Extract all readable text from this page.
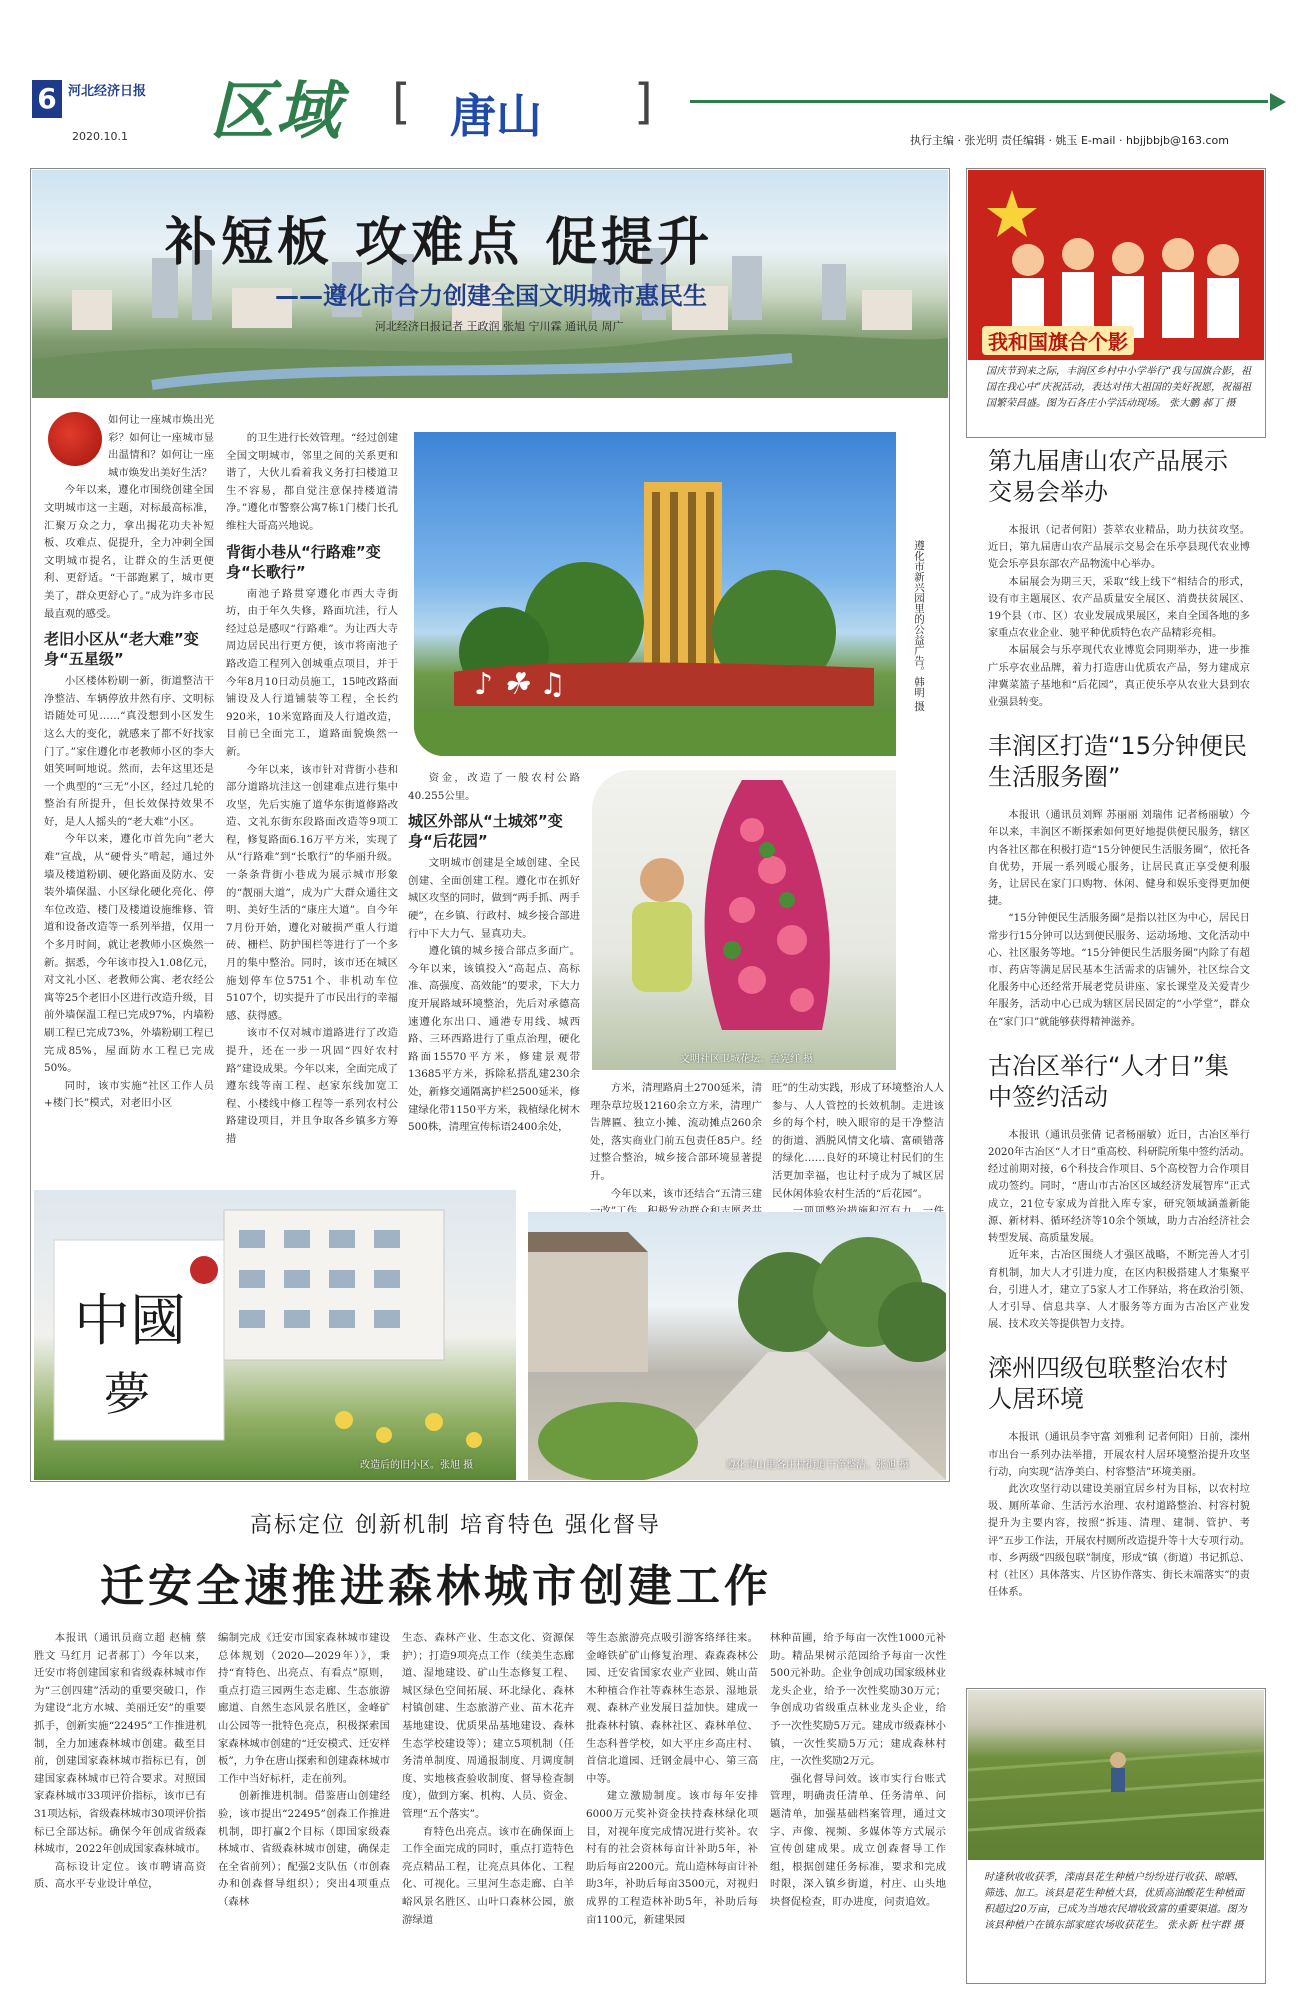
6 河北经济日报
2020.10.1 区域 [ 唐山 ]
执行主编 · 张光明 责任编辑 · 姚玉 E-mail · hbjjbbjb@163.com
补短板 攻难点 促提升
——遵化市合力创建全国文明城市惠民生
河北经济日报记者 王政润 张旭 宁川霖 通讯员 周广

如何让一座城市焕出光彩？如何让一座城市显出温情和？如何让一座城市焕发出美好生活？

今年以来，遵化市围绕创建全国文明城市这一主题，对标最高标准，汇聚万众之力，拿出揭花功夫补短板、攻难点、促提升，全力冲刺全国文明城市提名，让群众的生活更便利、更舒适。“干部跑累了，城市更美了，群众更舒心了。”成为许多市民最直观的感受。

老旧小区从“老大难”变身“五星级”

小区楼体粉刷一新，街道整洁干净整洁、车辆停放井然有序、文明标语随处可见……“真没想到小区发生这么大的变化，就感来了都不好找家门了。”家住遵化市老教师小区的李大姐笑呵呵地说。然而，去年这里还是一个典型的“三无”小区，经过几轮的整治有所提升，但长效保持效果不好，是人人摇头的“老大难”小区。

今年以来，遵化市首先向“老大难”宣战，从“硬骨头”啃起，通过外墙及楼道粉刷、硬化路面及防水、安装外墙保温、小区绿化硬化亮化、停车位改造、楼门及楼道设施维修、管道和设备改造等一系列举措，仅用一个多月时间，就让老教师小区焕然一新。据悉，今年该市投入1.08亿元，对文礼小区、老教师公寓、老农经公寓等25个老旧小区进行改造升级，目前外墙保温工程已完成97%，内墙粉刷工程已完成73%，外墙粉刷工程已完成85%，屋面防水工程已完成50%。

同时，该市实施“社区工作人员+楼门长”模式，对老旧小区

的卫生进行长效管理。“经过创建全国文明城市，邻里之间的关系更和谐了，大伙儿看着我义务打扫楼道卫生不容易，都自觉注意保持楼道清净。”遵化市警察公寓7栋1门楼门长孔维柱大哥高兴地说。

背街小巷从“行路难”变身“长歌行”

南池子路贯穿遵化市西大寺街坊，由于年久失修，路面坑洼，行人经过总是感叹“行路难”。为让西大寺周边居民出行更方便，该市将南池子路改造工程列入创城重点项目，并于今年8月10日动员施工，15吨改路面铺设及人行道铺装等工程，全长约920米，10米宽路面及人行道改造，目前已全面完工，道路面貌焕然一新。

今年以来，该市针对背街小巷和部分道路坑洼这一创建难点进行集中攻坚，先后实施了道华东街道修路改造、文礼东街东段路面改造等9项工程，修复路面6.16万平方米，实现了从“行路难”到“长歌行”的华丽升级。一条条背街小巷成为展示城市形象的“靓丽大道”，成为广大群众通往文明、美好生活的“康庄大道”。自今年7月份开始，遵化对破损严重人行道砖、栅栏、防护围栏等进行了一个多月的集中整治。同时，该市还在城区施划停车位5751个、非机动车位5107个，切实提升了市民出行的幸福感、获得感。

该市不仅对城市道路进行了改造提升，还在一步一巩固“四好农村路”建设成果。今年以来，全面完成了遵东线等南工程、赵家东线加宽工程、小楼线中修工程等一系列农村公路建设项目，并且争取各乡镇多方筹措

♪ ☘ ♫	遵化市新兴园里的公益广告。韩明 摄

资金，改造了一般农村公路40.255公里。

城区外部从“土城郊”变身“后花园”

文明城市创建是全域创建、全民创建、全面创建工程。遵化市在抓好城区攻坚的同时，做到“两手抓、两手硬”，在乡镇、行政村、城乡接合部进行中下大力气、显真功夫。

遵化镇的城乡接合部点多面广。今年以来，该镇投入“高起点、高标准、高强度、高效能”的要求，下大力度开展路域环境整治，先后对承德高速遵化东出口、通港专用线、城西路、三环西路进行了重点治理，硬化路面15570平方米，修建景观带13685平方米，拆除私搭乱建230余处，新修交通隔离护栏2500延米，修建绿化带1150平方米，栽植绿化树木500株，清理宣传标语2400余处，

文明社区卫城花坛。孟宪红 摄

方米，清理路肩土2700延米，清理杂草垃圾12160余立方米，清理广告牌匾、独立小摊、流动摊点260余处，落实商业门前五包责任85户。经过整合整治，城乡接合部环境显著提升。

今年以来，该市还结合“五清三建

旺”的生动实践，形成了环境整治人人参与、人人管控的长效机制。走进该乡的每个村，映入眼帘的是干净整洁的街道、洒脱风情文化墙、富硕错落的绿化……良好的环境让村民们的生活更加幸福，也让村子成为了城区居民休闲体验农村生活的“后花园”。

中國
夢
改造后的旧小区。张旭 摄	遵化市山里各庄村街道干净整洁。张旭 摄
我和国旗合个影
国庆节到来之际，丰润区乡村中小学举行“我与国旗合影，祖国在我心中”庆祝活动，表达对伟大祖国的美好祝愿，祝福祖国繁荣昌盛。图为石各庄小学活动现场。 张大鹏 郝丁 摄
第九届唐山农产品展示交易会举办

本报讯（记者何阳）荟萃农业精品，助力扶贫攻坚。近日，第九届唐山农产品展示交易会在乐亭县现代农业博览会乐亭县东部农产品物流中心举办。

本届展会为期三天，采取“线上线下”相结合的形式，设有市主题展区、农产品质量安全展区、消费扶贫展区、19个县（市、区）农业发展成果展区，来自全国各地的多家重点农业企业、驰平种优质特色农产品精彩亮相。

本届展会与乐亭现代农业博览会同期举办，进一步推广乐亭农业品牌，着力打造唐山优质农产品，努力建成京津冀菜篮子基地和“后花园”，真正使乐亭从农业大县到农业强县转变。

丰润区打造“15分钟便民生活服务圈”

本报讯（通讯员刘辉 苏丽丽 刘瑞伟 记者杨丽敏）今年以来，丰润区不断探索如何更好地提供便民服务，辖区内各社区都在积极打造“15分钟便民生活服务圈”，依托各自优势，开展一系列暖心服务，让居民真正享受便利服务，让居民在家门口购物、休闲、健身和娱乐变得更加便捷。

“15分钟便民生活服务圈”是指以社区为中心，居民日常步行15分钟可以达到便民服务、运动场地、文化活动中心、社区服务等地。“15分钟便民生活服务圈”内除了有超市、药店等满足居民基本生活需求的店铺外，社区综合文化服务中心还经常开展老党员讲座、家长课堂及关爱青少年服务，活动中心已成为辖区居民固定的“小学堂”，群众在“家门口”就能够获得精神滋养。

古冶区举行“人才日”集中签约活动

本报讯（通讯员张倩 记者杨丽敏）近日，古冶区举行2020年古冶区“人才日”重高校、科研院所集中签约活动。经过前期对接，6个科技合作项目、5个高校智力合作项目成功签约。同时，“唐山市古冶区区域经济发展智库”正式成立，21位专家成为首批入库专家，研究领域涵盖新能源、新材料、循环经济等10余个领域，助力古冶经济社会转型发展、高质量发展。

近年来，古冶区围绕人才强区战略，不断完善人才引育机制，加大人才引进力度，在区内积极搭建人才集聚平台，引进人才，建立了5家人才工作驿站，将在政治引领、人才引导、信息共享、人才服务等方面为古冶区产业发展、技术攻关等提供智力支持。

滦州四级包联整治农村人居环境

本报讯（通讯员李守富 刘雅利 记者何阳）日前，滦州市出台一系列办法举措，开展农村人居环境整治提升攻坚行动，向实现“洁净美白、村容整洁”环境美丽。

此次攻坚行动以建设美丽宜居乡村为目标，以农村垃圾、厕所革命、生活污水治理、农村道路整治、村容村貌提升为主要内容，按照“拆违、清理、建制、管护、考评”五步工作法，开展农村厕所改造提升等十大专项行动。市、乡两级“四级包联”制度，形成“镇（街道）书记抓总、村（社区）具体落实、片区协作落实、街长末端落实”的责任体系。

时逢秋收收获季，滦南县花生种植户纷纷进行收获、晾晒、筛选、加工。该县是花生种植大县，优质高油酸花生种植面积超过20万亩，已成为当地农民增收致富的重要渠道。图为该县种植户在镇东部家庭农场收获花生。 张永新 杜宇群 摄
高标定位 创新机制 培育特色 强化督导
迁安全速推进森林城市创建工作

本报讯（通讯员商立超 赵楠 蔡胜文 马红月 记者郝丁）今年以来，迁安市将创建国家和省级森林城市作为“三创四建”活动的重要突破口，作为建设“北方水城、美丽迁安”的重要抓手，创新实施“22495”工作推进机制，全力加速森林城市创建。截至目前，创建国家森林城市指标已有，创建国家森林城市已符合要求。对照国家森林城市33项评价指标，该市已有31项达标，省级森林城市30项评价指标已全部达标。确保今年创成省级森林城市，2022年创成国家森林城市。

高标设计定位。该市聘请高资质、高水平专业设计单位，

编制完成《迁安市国家森林城市建设总体规划（2020—2029年）》，秉持“育特色、出亮点、有看点”原则，重点打造三园两生态走廊、生态旅游廊道、自然生态风景名胜区，金峰矿山公园等一批特色亮点，积极探索国家森林城市创建的“迁安模式、迁安样板”，力争在唐山探索和创建森林城市工作中当好标杆，走在前列。

创新推进机制。借鉴唐山创建经验，该市提出“22495”创森工作推进机制，即打赢2个目标（即国家级森林城市、省级森林城市创建，确保走在全省前列）；配强2支队伍（市创森办和创森督导组织）；突出4项重点（森林

生态、森林产业、生态文化、资源保护）；打造9项亮点工作（续美生态廊道、湿地建设、矿山生态修复工程、城区绿色空间拓展、环北绿化、森林村镇创建、生态旅游产业、苗木花卉基地建设、优质果品基地建设、森林生态学校建设等）；建立5项机制（任务清单制度、周通报制度、月调度制度、实地核查验收制度、督导检查制度），做到方案、机构、人员、资金、管理“五个落实”。

育特色出亮点。该市在确保面上工作全面完成的同时，重点打造特色亮点精品工程，让亮点具体化、工程化、可视化。三里河生态走廊、白羊峪风景名胜区、山叶口森林公园，旅游绿道

等生态旅游亮点吸引游客络绎往来。金峰铁矿矿山修复治理、森森森林公园、迁安省国家农业产业园、姚山苗木种植合作社等森林生态景、湿地景观、森林产业发展日益加快。建成一批森林村镇、森林社区、森林单位、生态科普学校，如大平庄乡高庄村、首信北道园、迁钢金晨中心、第三高中等。

建立激励制度。该市每年安排6000万元奖补资金扶持森林绿化项目，对视年度完成情况进行奖补。农村有的社会资林每亩计补助5年，补助后每亩2200元。荒山造林每亩计补助3年，补助后每亩3500元，对视归成界的工程造林补助5年，补助后每亩1100元，新建果园

林种苗圃，给予每亩一次性1000元补助。精品果树示范园给予每亩一次性500元补助。企业争创成功国家级林业龙头企业，给予一次性奖励30万元；争创成功省级重点林业龙头企业，给予一次性奖励5万元。建成市级森林小镇，一次性奖励5万元；建成森林村庄，一次性奖励2万元。

强化督导问效。该市实行台账式管理，明确责任清单、任务清单、问题清单，加强基础档案管理，通过文字、声像、视频、多媒体等方式展示宣传创建成果。成立创森督导工作组，根据创建任务标准，要求和完成时限，深入镇乡街道，村庄、山头地块督促检查，盯办进度，问责追效。
